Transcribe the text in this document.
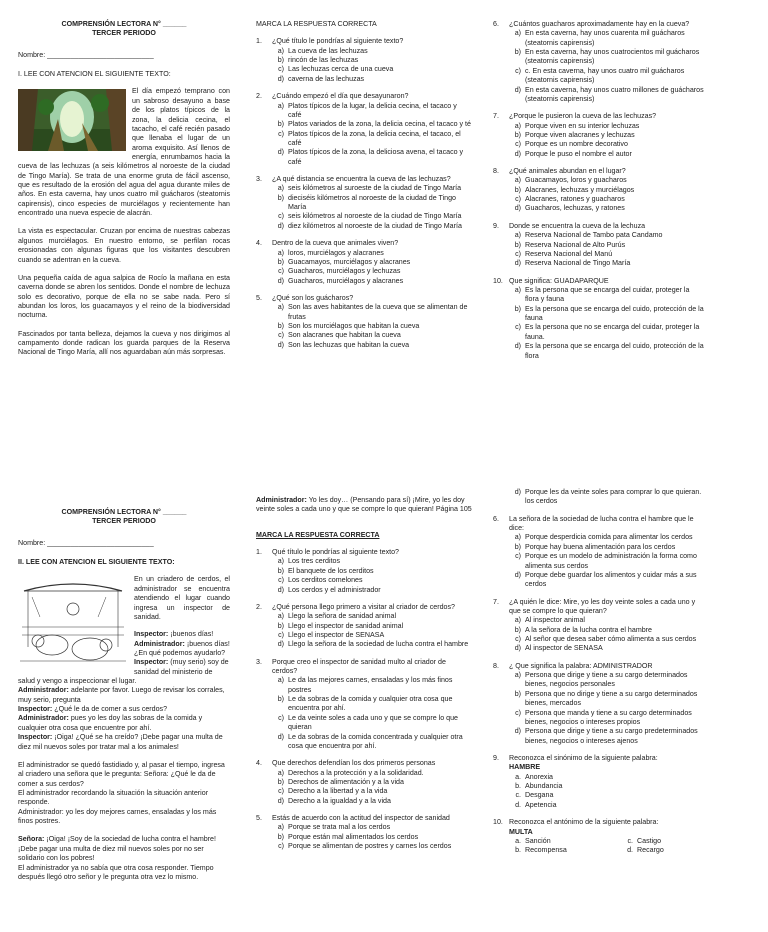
COMPRENSIÓN LECTORA N° ______

TERCER PERIODO

Nombre: ___________________________

I. LEE CON ATENCION EL SIGUIENTE TEXTO:

El día empezó temprano con un sabroso desayuno a base de los platos típicos de la zona, la delicia cecina, el tacacho, el café recién pasado que llenaba el lugar de un aroma exquisito. Así llenos de energía, enrumbamos hacia la cueva de las lechuzas (a seis kilómetros al noroeste de la ciudad de Tingo María). Se trata de una enorme gruta de fácil ascenso, que es resultado de la erosión del agua del agua durante miles de años. En esta caverna, hay unos cuatro mil guácharos (steatornis capirensis), cinco especies de murciélagos y recientemente han encontrado una nueva especie de alacrán.

La vista es espectacular. Cruzan por encima de nuestras cabezas algunos murciélagos. En nuestro entorno, se perfilan rocas erosionadas con algunas figuras que los visitantes descubren cuando se adentran en la cueva.

Una pequeña caída de agua salpica de Rocío la mañana en esta caverna donde se abren los sentidos. Donde el nombre de lechuza solo es decorativo, porque de ella no se sabe nada. Pero sí abundan los loros, los guacamayos y el reino de la biodiversidad nocturna.

Fascinados por tanta belleza, dejamos la cueva y nos dirigimos al campamento donde radican los guarda parques de la Reserva Nacional de Tingo María, allí nos aguardaban aún más sorpresas.

MARCA LA RESPUESTA CORRECTA

1.	¿Qué título le pondrías al siguiente texto?
a) La cueva de las lechuzas
b) rincón de las lechuzas
c) Las lechuzas cerca de una cueva
d) caverna de las lechuzas
2.	¿Cuándo empezó el día que desayunaron?
a) Platos típicos de la lugar, la delicia cecina, el tacaco y café
b) Platos variados de la zona, la delicia cecina, el tacaco y té
c) Platos típicos de la zona, la delicia cecina, el tacaco, el café
d) Platos típicos de la zona, la deliciosa avena, el tacaco y café
3.	¿A qué distancia se encuentra la cueva de las lechuzas?
a) seis kilómetros al suroeste de la ciudad de Tingo María
b) dieciséis kilómetros al noroeste de la ciudad de Tingo María
c) seis kilómetros al noroeste de la ciudad de Tingo María
d) diez kilómetros al noroeste de la ciudad de Tingo María
4.	Dentro de la cueva que animales viven?
a) loros, murciélagos y alacranes
b) Guacamayos, murciélagos y alacranes
c) Guacharos, murciélagos y lechuzas
d) Guacharos, murciélagos y alacranes
5.	¿Qué son los guácharos?
a) Son las aves habitantes de la cueva que se alimentan de frutas
b) Son los murciélagos que habitan la cueva
c) Son alacranes que habitan la cueva
d) Son las lechuzas que habitan la cueva
6.	¿Cuántos guacharos aproximadamente hay en la cueva?
a) En esta caverna, hay unos cuarenta mil guácharos (steatornis capirensis)
b) En esta caverna, hay unos cuatrocientos mil guácharos (steatornis capirensis)
c) c. En esta caverna, hay unos cuatro mil guácharos (steatornis capirensis)
d) En esta caverna, hay unos cuatro millones de guácharos (steatornis capirensis)
7.	¿Porque le pusieron la cueva de las lechuzas?
a) Porque viven en su interior lechuzas
b) Porque viven alacranes y lechuzas
c) Porque es un nombre decorativo
d) Porque le puso el nombre el autor
8.	¿Qué animales abundan en el lugar?
a) Guacamayos, loros y guacharos
b) Alacranes, lechuzas y murciélagos
c) Alacranes, ratones y guacharos
d) Guacharos, lechuzas, y ratones
9.	Donde se encuentra la cueva de la lechuza
a) Reserva Nacional de Tambo pata Candamo
b) Reserva Nacional de Alto Purús
c) Reserva Nacional del Manú
d) Reserva Nacional de Tingo María
10. Que significa: GUADAPARQUE
a) Es la persona que se encarga del cuidar, proteger la flora y fauna
b) Es la persona que se encarga del cuido, protección de la fauna
c) Es la persona que no se encarga del cuidar, proteger la fauna.
d) Es la persona que se encarga del cuido, protección de la flora

COMPRENSIÓN LECTORA N° ______

TERCER PERIODO

Nombre: ___________________________

II. LEE CON ATENCION EL SIGUIENTE TEXTO:

En un criadero de cerdos, el administrador se encuentra atendiendo el lugar cuando ingresa un inspector de sanidad.

Inspector: ¡buenos días!

Administrador: ¡buenos días! ¿En qué podemos ayudarlo?

Inspector: (muy serio) soy de sanidad del ministerio de salud y vengo a inspeccionar el lugar.

Administrador: adelante por favor. Luego de revisar los corrales, muy serio, pregunta

Inspector: ¿Qué le da de comer a sus cerdos?

Administrador: pues yo les doy las sobras de la comida y cualquier otra cosa que encuentre por ahí.

Inspector: ¡Oiga! ¿Qué se ha creído? ¡Debe pagar una multa de diez mil nuevos soles por tratar mal a los animales!

El administrador se quedó fastidiado y, al pasar el tiempo, ingresa al criadero una señora que le pregunta: Señora: ¿Qué le da de comer a sus cerdos?

El administrador recordando la situación la situación anterior responde.

Administrador: yo les doy mejores carnes, ensaladas y los más finos postres.

Señora: ¡Oiga! ¡Soy de la sociedad de lucha contra el hambre! ¡Debe pagar una multa de diez mil nuevos soles por no ser solidario con los pobres!

El administrador ya no sabía que otra cosa responder. Tiempo después llegó otro señor y le pregunta otra vez lo mismo.

Administrador: Yo les doy… (Pensando para sí) ¡Mire, yo les doy veinte soles a cada uno y que se compre lo que quieran! Página 105

MARCA LA RESPUESTA CORRECTA

1.	Qué título le pondrías al siguiente texto?
a) Los tres cerditos
b) El banquete de los cerditos
c) Los cerditos comelones
d) Los cerdos y el administrador
2.	¿Qué persona llego primero a visitar al criador de cerdos?
a) Llego la señora de sanidad animal
b) Llego el inspector de sanidad animal
c) Llego el inspector de SENASA
d) Llego la señora de la sociedad de lucha contra el hambre
3.	Porque creo el inspector de sanidad multo al criador de cerdos?
a) Le da las mejores carnes, ensaladas y los más finos postres
b) Le da sobras de la comida y cualquier otra cosa que encuentra por ahí.
c) Le da veinte soles a cada uno y que se compre lo que quieran
d) Le da sobras de la comida concentrada y cualquier otra cosa que encuentra por ahí.
4.	Que derechos defendían los dos primeros personas
a) Derechos a la protección y a la solidaridad.
b) Derechos de alimentación y a la vida
c) Derecho a la libertad y a la vida
d) Derecho a la igualdad y a la vida
5.	Estás de acuerdo con la actitud del inspector de sanidad
a) Porque se trata mal a los cerdos
b) Porque están mal alimentados los cerdos
c) Porque se alimentan de postres y carnes los cerdos
d) Porque les da veinte soles para comprar lo que quieran. los cerdos
6.	La señora de la sociedad de lucha contra el hambre que le dice:
a) Porque desperdicia comida para alimentar los cerdos
b) Porque hay buena alimentación para los cerdos
c) Porque es un modelo de administración la forma como alimenta sus cerdos
d) Porque debe guardar los alimentos y cuidar más a sus cerdos
7.	¿A quién le dice: Mire, yo les doy veinte soles a cada uno y que se compre lo que quieran?
a) Al inspector animal
b) A la señora de la lucha contra el hambre
c) Al señor que desea saber cómo alimenta a sus cerdos
d) Al inspector de SENASA
8.	¿ Que significa la palabra: ADMINISTRADOR
a) Persona que dirige y tiene a su cargo determinados bienes, negocios personales
b) Persona que no dirige y tiene a su cargo determinados bienes, mercados
c) Persona que manda y tiene a su cargo determinados bienes, negocios o intereses propios
d) Persona que dirige y tiene a su cargo predeterminados bienes, negocios o intereses ajenos
9.	Reconozca el sinónimo de la siguiente palabra:
HAMBRE
a. Anorexia
b. Abundancia
c. Desgana
d. Apetencia
10. Reconozca el antónimo de la siguiente palabra:
MULTA
a. Sanción	c. Castigo
b. Recompensa	d. Recargo
